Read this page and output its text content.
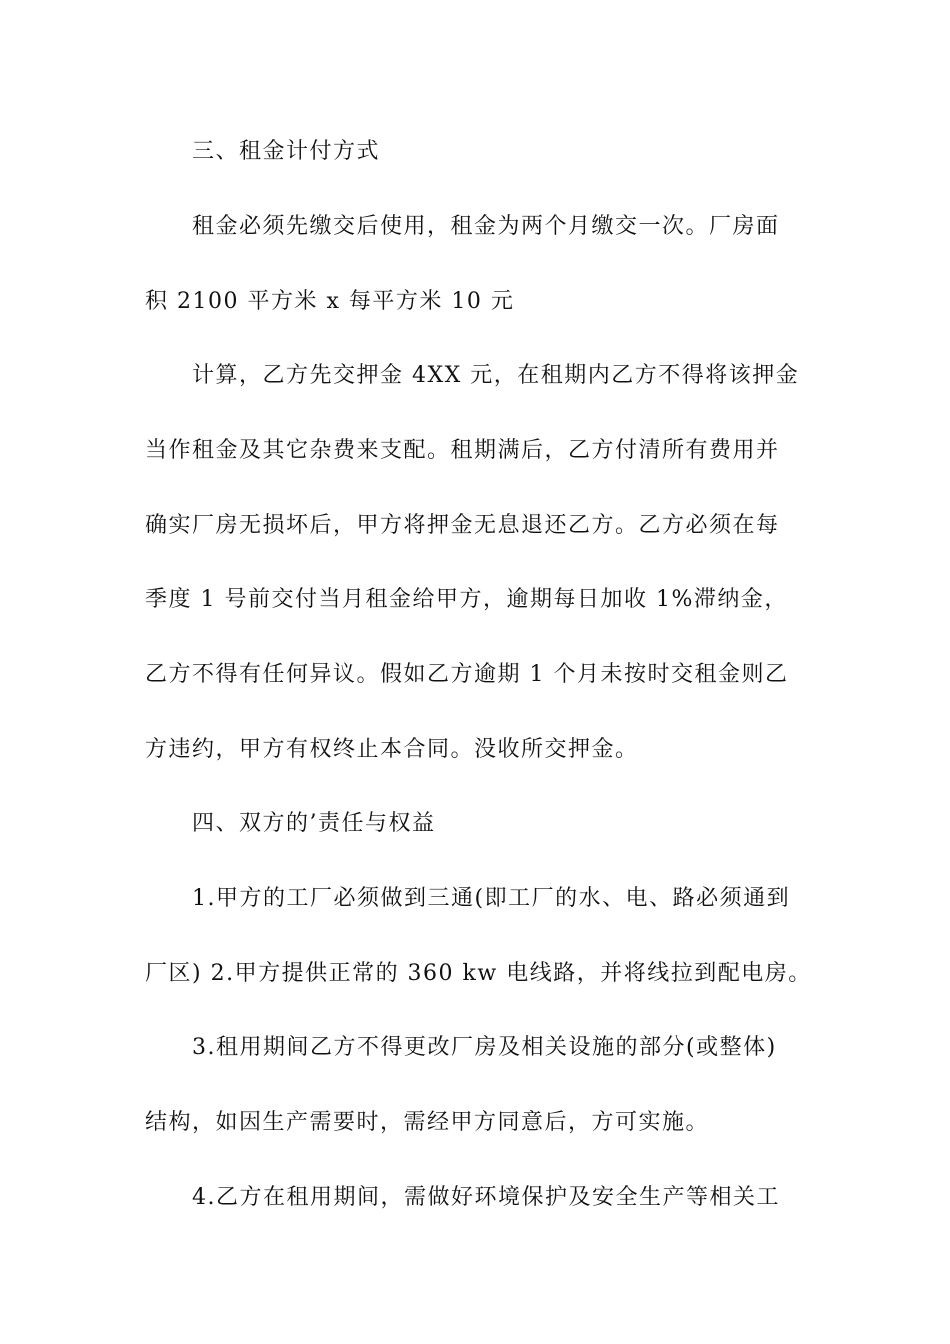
三、租金计付方式
租金必须先缴交后使用，租金为两个月缴交一次。厂房面
积 2100 平方米 x 每平方米 10 元
计算，乙方先交押金 4XX 元，在租期内乙方不得将该押金
当作租金及其它杂费来支配。租期满后，乙方付清所有费用并
确实厂房无损坏后，甲方将押金无息退还乙方。乙方必须在每
季度 1 号前交付当月租金给甲方，逾期每日加收 1%滞纳金，
乙方不得有任何异议。假如乙方逾期 1 个月未按时交租金则乙
方违约，甲方有权终止本合同。没收所交押金。
四、双方的’责任与权益
1.甲方的工厂必须做到三通(即工厂的水、电、路必须通到
厂区) 2.甲方提供正常的 360 kw 电线路，并将线拉到配电房。
3.租用期间乙方不得更改厂房及相关设施的部分(或整体)
结构，如因生产需要时，需经甲方同意后，方可实施。
4.乙方在租用期间，需做好环境保护及安全生产等相关工
